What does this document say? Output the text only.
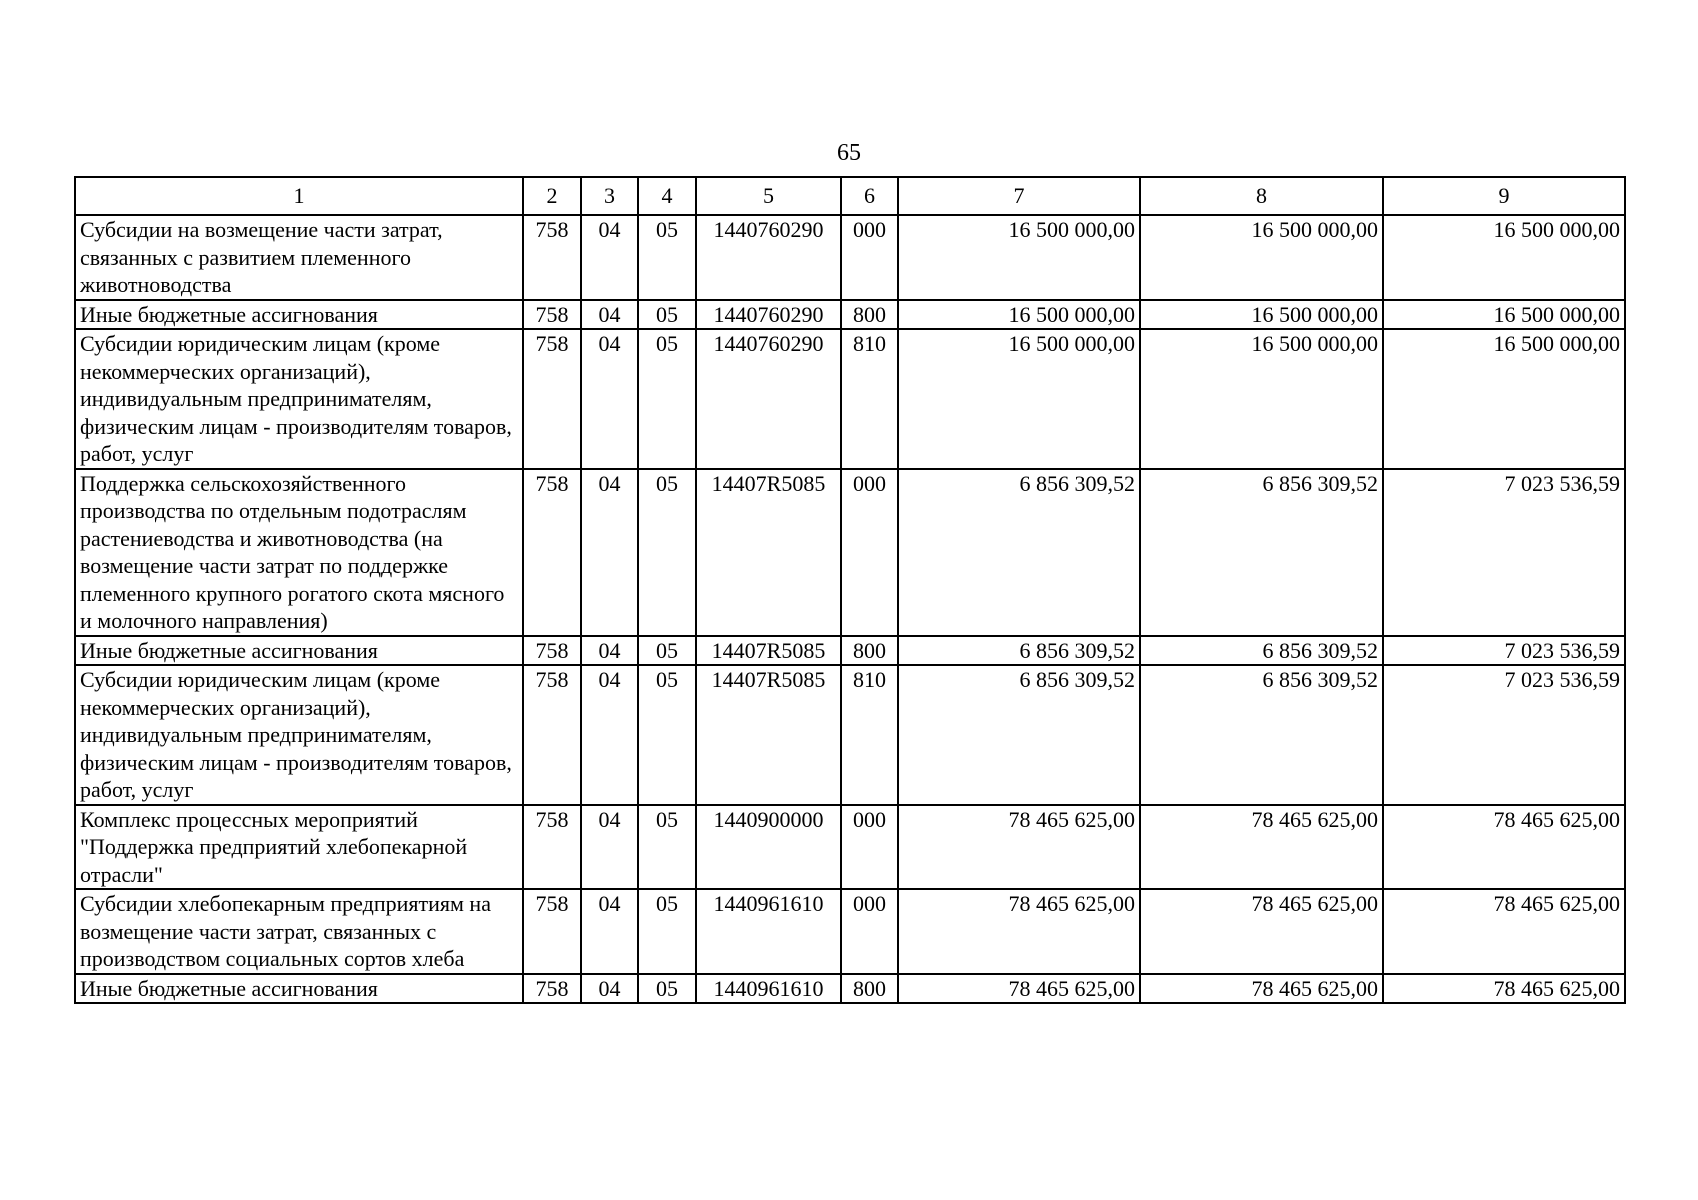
65
1	2	3	4	5	6	7	8	9
Субсидии на возмещение части затрат, связанных с развитием племенного животноводства	758	04	05	1440760290	000	16 500 000,00	16 500 000,00	16 500 000,00
Иные бюджетные ассигнования	758	04	05	1440760290	800	16 500 000,00	16 500 000,00	16 500 000,00
Субсидии юридическим лицам (кроме некоммерческих организаций), индивидуальным предпринимателям, физическим лицам - производителям товаров, работ, услуг	758	04	05	1440760290	810	16 500 000,00	16 500 000,00	16 500 000,00
Поддержка сельскохозяйственного производства по отдельным подотраслям растениеводства и животноводства (на возмещение части затрат по поддержке племенного крупного рогатого скота мясного и молочного направления)	758	04	05	14407R5085	000	6 856 309,52	6 856 309,52	7 023 536,59
Иные бюджетные ассигнования	758	04	05	14407R5085	800	6 856 309,52	6 856 309,52	7 023 536,59
Субсидии юридическим лицам (кроме некоммерческих организаций), индивидуальным предпринимателям, физическим лицам - производителям товаров, работ, услуг	758	04	05	14407R5085	810	6 856 309,52	6 856 309,52	7 023 536,59
Комплекс процессных мероприятий "Поддержка предприятий хлебопекарной отрасли"	758	04	05	1440900000	000	78 465 625,00	78 465 625,00	78 465 625,00
Субсидии хлебопекарным предприятиям на возмещение части затрат, связанных с производством социальных сортов хлеба	758	04	05	1440961610	000	78 465 625,00	78 465 625,00	78 465 625,00
Иные бюджетные ассигнования	758	04	05	1440961610	800	78 465 625,00	78 465 625,00	78 465 625,00
